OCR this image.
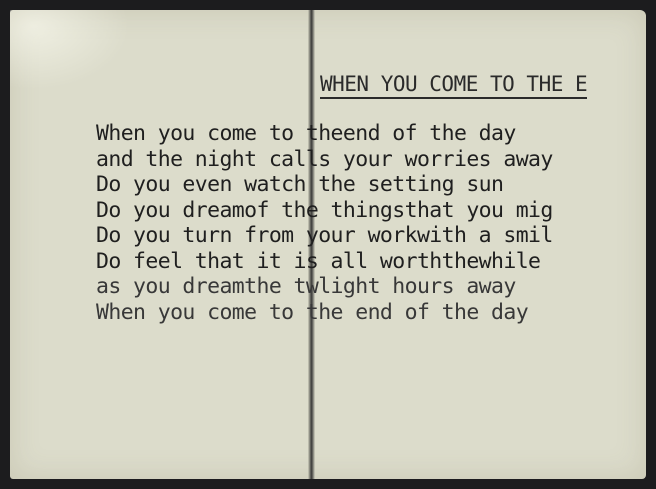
WHEN YOU COME TO THE E
When you come to theend of the day
and the night calls your worries away
Do you even watch the setting sun
Do you dreamof the thingsthat you mig
Do you turn from your workwith a smil
Do feel that it is all worththewhile
as you dreamthe twlight hours away
When you come to the end of the day
